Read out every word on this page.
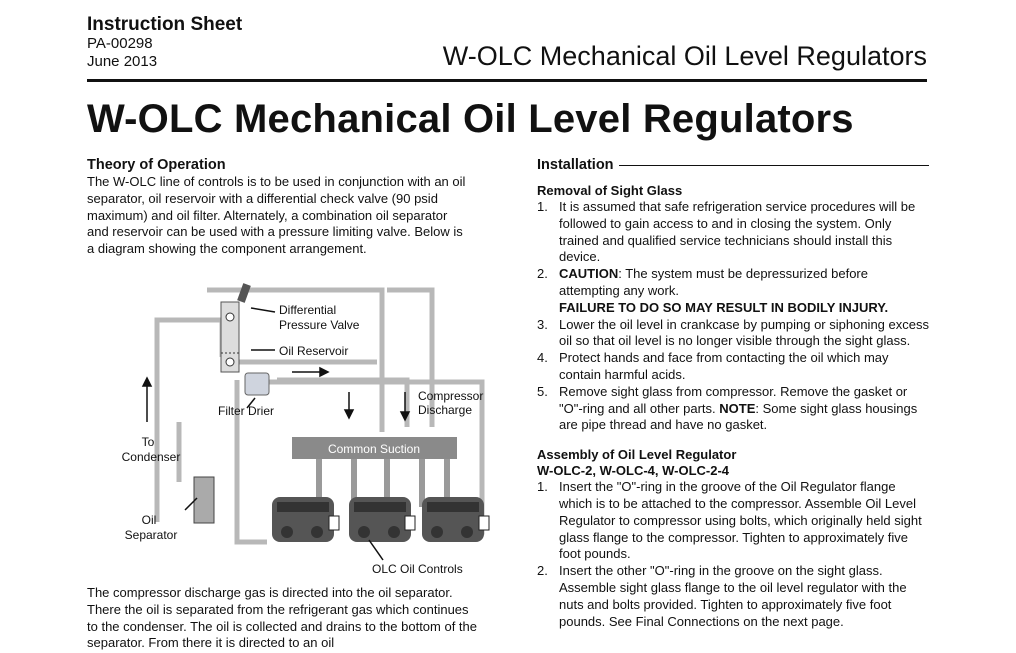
Instruction Sheet
PA-00298
June 2013	W-OLC Mechanical Oil Level Regulators
W-OLC Mechanical Oil Level Regulators
Theory of Operation

The W-OLC line of controls is to be used in conjunction with an oil separator, oil reservoir with a differential check valve (90 psid maximum) and oil filter. Alternately, a combination oil separator and reservoir can be used with a pressure limiting valve. Below is a diagram showing the component arrangement.

Common Suction
Differential
Pressure Valve
Oil Reservoir
Filter Drier
Compressor
Discharge
To
Condenser
Oil
Separator
OLC Oil Controls

The compressor discharge gas is directed into the oil separator. There the oil is separated from the refrigerant gas which continues to the condenser. The oil is collected and drains to the bottom of the separator. From there it is directed to an oil

Installation
Removal of Sight Glass
1. It is assumed that safe refrigeration service procedures will be followed to gain access to and in closing the system. Only trained and qualified service technicians should install this device.
2. CAUTION: The system must be depressurized before attempting any work.
FAILURE TO DO SO MAY RESULT IN BODILY INJURY.
3. Lower the oil level in crankcase by pumping or siphoning excess oil so that oil level is no longer visible through the sight glass.
4. Protect hands and face from contacting the oil which may contain harmful acids.
5. Remove sight glass from compressor. Remove the gasket or "O"-ring and all other parts. NOTE: Some sight glass housings are pipe thread and have no gasket.
Assembly of Oil Level Regulator
W-OLC-2, W-OLC-4, W-OLC-2-4
1. Insert the "O"-ring in the groove of the Oil Regulator flange which is to be attached to the compressor. Assemble Oil Level Regulator to compressor using bolts, which originally held sight glass flange to the compressor. Tighten to approximately five foot pounds.
2. Insert the other "O"-ring in the groove on the sight glass. Assemble sight glass flange to the oil level regulator with the nuts and bolts provided. Tighten to approximately five foot pounds. See Final Connections on the next page.
